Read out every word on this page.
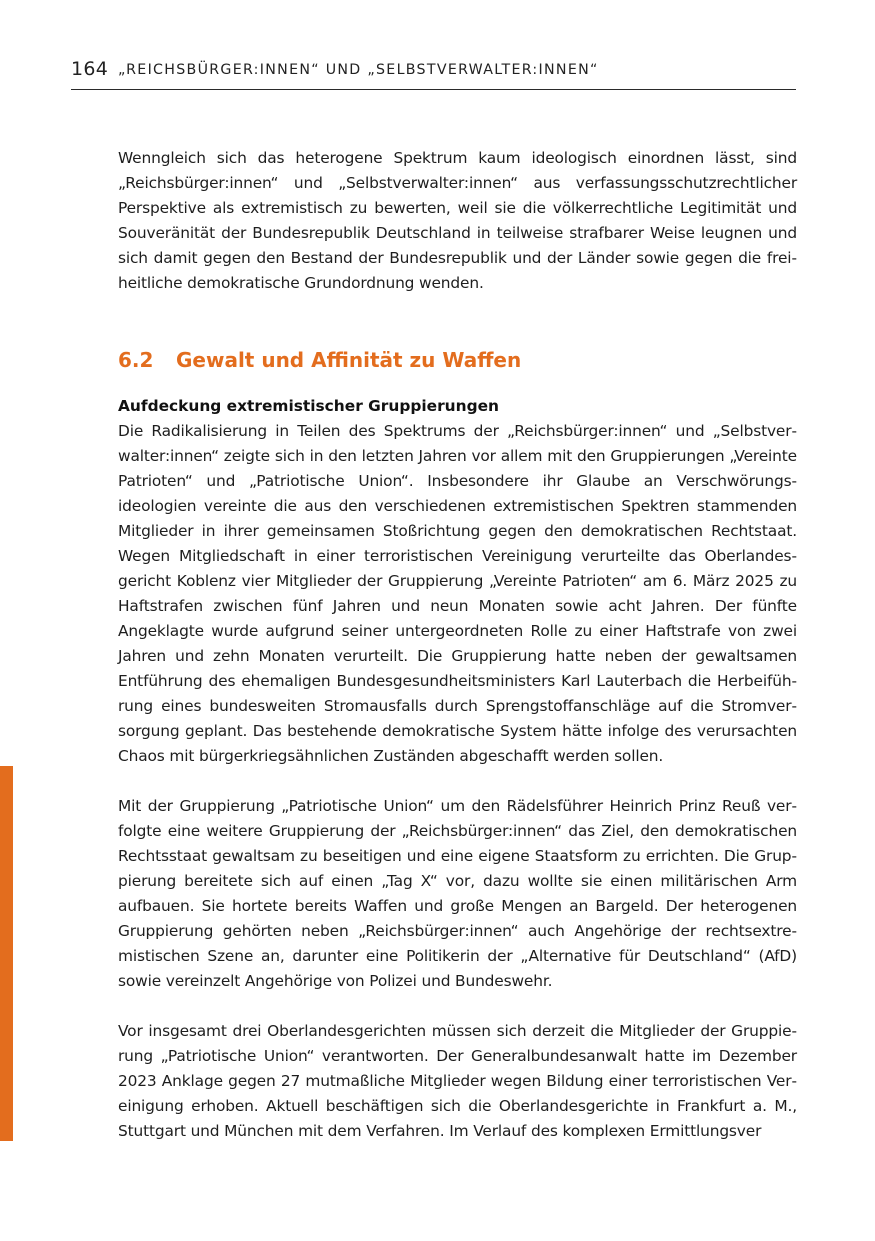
164 „REICHSBÜRGER:INNEN“ UND „SELBSTVERWALTER:INNEN“

Wenngleich sich das heterogene Spektrum kaum ideologisch einordnen lässt, sind „Reichsbürger:innen“ und „Selbstverwalter:innen“ aus verfassungsschutzrechtlicher Perspektive als extremistisch zu bewerten, weil sie die völkerrechtliche Legitimität und Souveränität der Bundesrepublik Deutschland in teilweise strafbarer Weise leugnen und sich damit gegen den Bestand der Bundesrepublik und der Länder sowie gegen die freiheitliche demokratische Grundordnung wenden.

6.2 Gewalt und Affinität zu Waffen
Aufdeckung extremistischer Gruppierungen

Die Radikalisierung in Teilen des Spektrums der „Reichsbürger:innen“ und „Selbstverwalter:innen“ zeigte sich in den letzten Jahren vor allem mit den Gruppierungen „Vereinte Patrioten“ und „Patriotische Union“. Insbesondere ihr Glaube an Verschwörungsideologien vereinte die aus den verschiedenen extremistischen Spektren stammenden Mitglieder in ihrer gemeinsamen Stoßrichtung gegen den demokratischen Rechtstaat. Wegen Mitgliedschaft in einer terroristischen Vereinigung verurteilte das Oberlandesgericht Koblenz vier Mitglieder der Gruppierung „Vereinte Patrioten“ am 6. März 2025 zu Haftstrafen zwischen fünf Jahren und neun Monaten sowie acht Jahren. Der fünfte Angeklagte wurde aufgrund seiner untergeordneten Rolle zu einer Haftstrafe von zwei Jahren und zehn Monaten verurteilt. Die Gruppierung hatte neben der gewaltsamen Entführung des ehemaligen Bundesgesundheitsministers Karl Lauterbach die Herbeiführung eines bundesweiten Stromausfalls durch Sprengstoffanschläge auf die Stromversorgung geplant. Das bestehende demokratische System hätte infolge des verursachten Chaos mit bürgerkriegsähnlichen Zuständen abgeschafft werden sollen.

Mit der Gruppierung „Patriotische Union“ um den Rädelsführer Heinrich Prinz Reuß verfolgte eine weitere Gruppierung der „Reichsbürger:innen“ das Ziel, den demokratischen Rechtsstaat gewaltsam zu beseitigen und eine eigene Staatsform zu errichten. Die Gruppierung bereitete sich auf einen „Tag X“ vor, dazu wollte sie einen militärischen Arm aufbauen. Sie hortete bereits Waffen und große Mengen an Bargeld. Der heterogenen Gruppierung gehörten neben „Reichsbürger:innen“ auch Angehörige der rechtsextremistischen Szene an, darunter eine Politikerin der „Alternative für Deutschland“ (AfD) sowie vereinzelt Angehörige von Polizei und Bundeswehr.

Vor insgesamt drei Oberlandesgerichten müssen sich derzeit die Mitglieder der Gruppierung „Patriotische Union“ verantworten. Der Generalbundesanwalt hatte im Dezember 2023 Anklage gegen 27 mutmaßliche Mitglieder wegen Bildung einer terroristischen Vereinigung erhoben. Aktuell beschäftigen sich die Oberlandesgerichte in Frankfurt a. M., Stuttgart und München mit dem Verfahren. Im Verlauf des komplexen Ermittlungsver
